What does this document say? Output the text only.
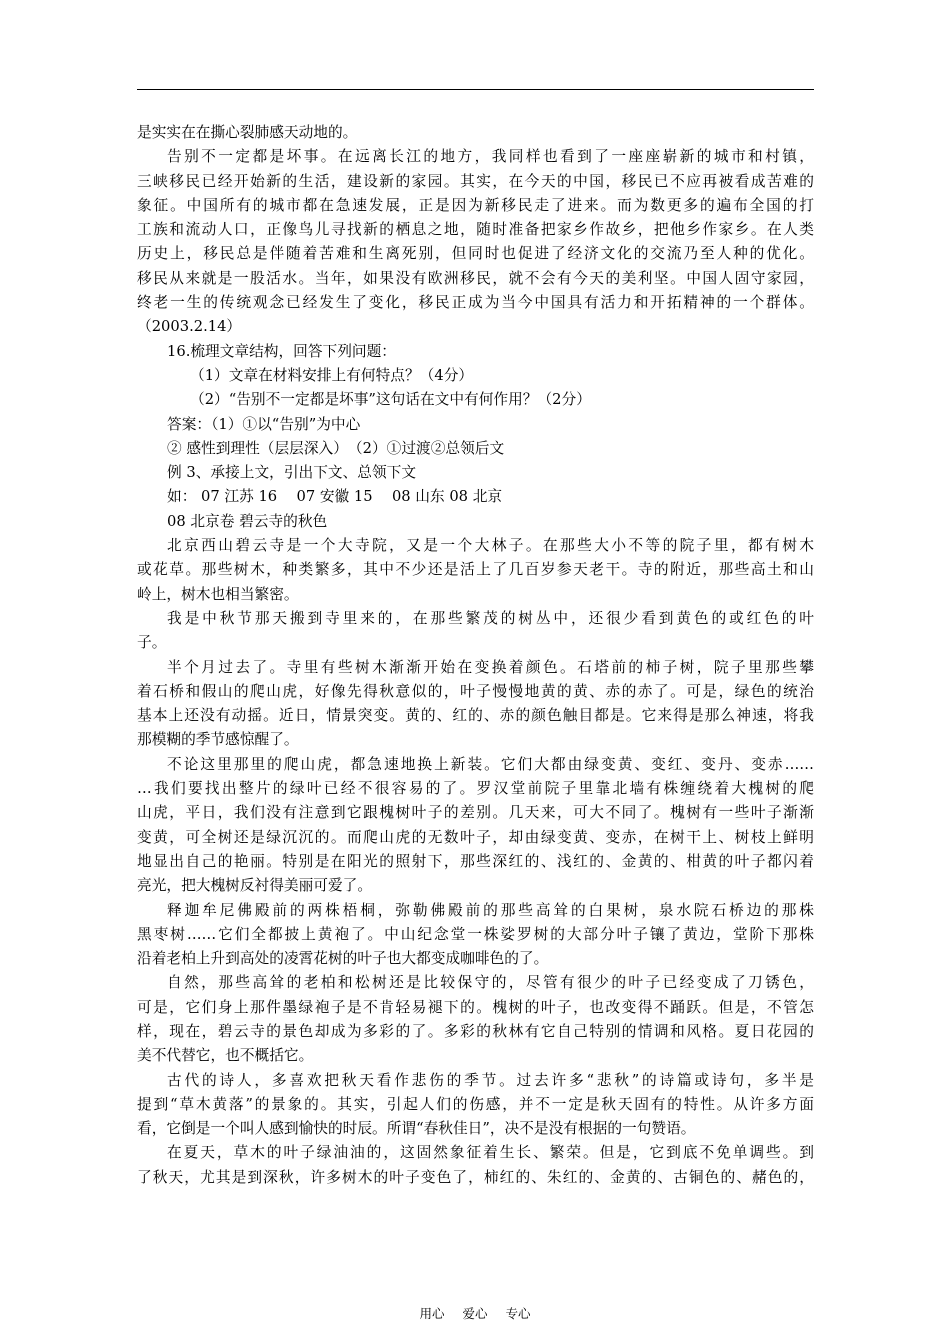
是实实在在撕心裂肺感天动地的。
告别不一定都是坏事。在远离长江的地方，我同样也看到了一座座崭新的城市和村镇，
三峡移民已经开始新的生活，建设新的家园。其实，在今天的中国，移民已不应再被看成苦难的
象征。中国所有的城市都在急速发展，正是因为新移民走了进来。而为数更多的遍布全国的打
工族和流动人口，正像鸟儿寻找新的栖息之地，随时准备把家乡作故乡，把他乡作家乡。在人类
历史上，移民总是伴随着苦难和生离死别，但同时也促进了经济文化的交流乃至人种的优化。
移民从来就是一股活水。当年，如果没有欧洲移民，就不会有今天的美利坚。中国人固守家园，
终老一生的传统观念已经发生了变化，移民正成为当今中国具有活力和开拓精神的一个群体。
（2003.2.14）
16.梳理文章结构，回答下列问题：
（1）文章在材料安排上有何特点？（4分）
（2）“告别不一定都是坏事”这句话在文中有何作用？（2分）
答案：（1）①以“告别”为中心
② 感性到理性（层层深入）　（2）①过渡②总领后文
例 3、承接上文，引出下文、总领下文
如： 07 江苏 16　 07 安徽 15　 08 山东 08 北京
08 北京卷 碧云寺的秋色
北京西山碧云寺是一个大寺院，又是一个大林子。在那些大小不等的院子里，都有树木
或花草。那些树木，种类繁多，其中不少还是活上了几百岁参天老干。寺的附近，那些高土和山
岭上，树木也相当繁密。
我是中秋节那天搬到寺里来的，在那些繁茂的树丛中，还很少看到黄色的或红色的叶
子。
半个月过去了。寺里有些树木渐渐开始在变换着颜色。石塔前的柿子树，院子里那些攀
着石桥和假山的爬山虎，好像先得秋意似的，叶子慢慢地黄的黄、赤的赤了。可是，绿色的统治
基本上还没有动摇。近日，情景突变。黄的、红的、赤的颜色触目都是。它来得是那么神速，将我
那模糊的季节感惊醒了。
不论这里那里的爬山虎，都急速地换上新装。它们大都由绿变黄、变红、变丹、变赤……
…我们要找出整片的绿叶已经不很容易的了。罗汉堂前院子里靠北墙有株缠绕着大槐树的爬
山虎，平日，我们没有注意到它跟槐树叶子的差别。几天来，可大不同了。槐树有一些叶子渐渐
变黄，可全树还是绿沉沉的。而爬山虎的无数叶子，却由绿变黄、变赤，在树干上、树枝上鲜明
地显出自己的艳丽。特别是在阳光的照射下，那些深红的、浅红的、金黄的、柑黄的叶子都闪着
亮光，把大槐树反衬得美丽可爱了。
释迦牟尼佛殿前的两株梧桐，弥勒佛殿前的那些高耸的白果树，泉水院石桥边的那株
黑枣树……它们全都披上黄袍了。中山纪念堂一株娑罗树的大部分叶子镶了黄边，堂阶下那株
沿着老柏上升到高处的凌霄花树的叶子也大都变成咖啡色的了。
自然，那些高耸的老柏和松树还是比较保守的，尽管有很少的叶子已经变成了刀锈色，
可是，它们身上那件墨绿袍子是不肯轻易褪下的。槐树的叶子，也改变得不踊跃。但是，不管怎
样，现在，碧云寺的景色却成为多彩的了。多彩的秋林有它自己特别的情调和风格。夏日花园的
美不代替它，也不概括它。
古代的诗人，多喜欢把秋天看作悲伤的季节。过去许多“悲秋”的诗篇或诗句，多半是
提到“草木黄落”的景象的。其实，引起人们的伤感，并不一定是秋天固有的特性。从许多方面
看，它倒是一个叫人感到愉快的时辰。所谓“春秋佳日”，决不是没有根据的一句赞语。
在夏天，草木的叶子绿油油的，这固然象征着生长、繁荣。但是，它到底不免单调些。到
了秋天，尤其是到深秋，许多树木的叶子变色了，柿红的、朱红的、金黄的、古铜色的、赭色的，
用心 爱心 专心
